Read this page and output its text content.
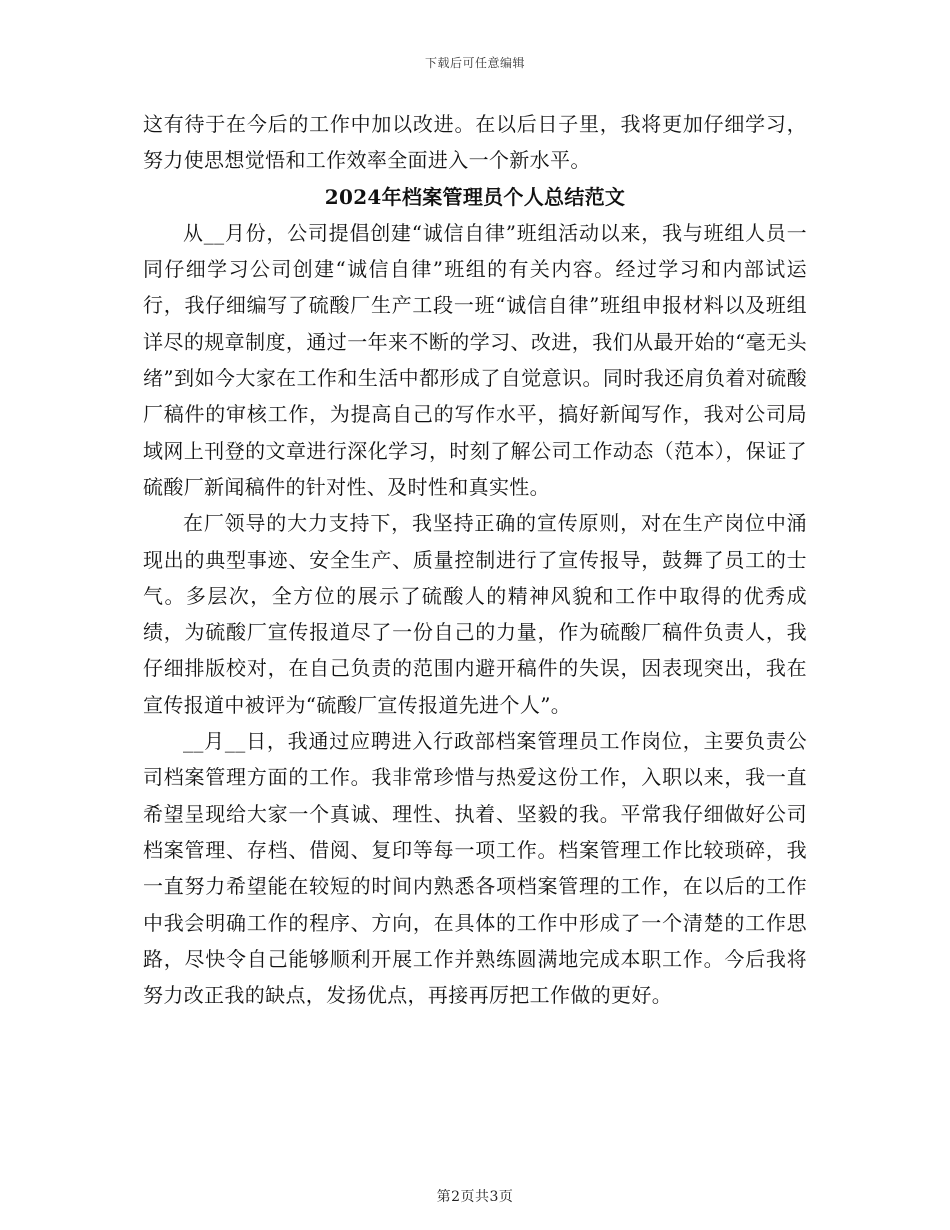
下载后可任意编辑

这有待于在今后的工作中加以改进。在以后日子里，我将更加仔细学习，努力使思想觉悟和工作效率全面进入一个新水平。

2024年档案管理员个人总结范文

从__月份，公司提倡创建“诚信自律”班组活动以来，我与班组人员一同仔细学习公司创建“诚信自律”班组的有关内容。经过学习和内部试运行，我仔细编写了硫酸厂生产工段一班“诚信自律”班组申报材料以及班组详尽的规章制度，通过一年来不断的学习、改进，我们从最开始的“毫无头绪”到如今大家在工作和生活中都形成了自觉意识。同时我还肩负着对硫酸厂稿件的审核工作，为提高自己的写作水平，搞好新闻写作，我对公司局域网上刊登的文章进行深化学习，时刻了解公司工作动态（范本），保证了硫酸厂新闻稿件的针对性、及时性和真实性。

在厂领导的大力支持下，我坚持正确的宣传原则，对在生产岗位中涌现出的典型事迹、安全生产、质量控制进行了宣传报导，鼓舞了员工的士气。多层次，全方位的展示了硫酸人的精神风貌和工作中取得的优秀成绩，为硫酸厂宣传报道尽了一份自己的力量，作为硫酸厂稿件负责人，我仔细排版校对，在自己负责的范围内避开稿件的失误，因表现突出，我在宣传报道中被评为“硫酸厂宣传报道先进个人”。

__月__日，我通过应聘进入行政部档案管理员工作岗位，主要负责公司档案管理方面的工作。我非常珍惜与热爱这份工作，入职以来，我一直希望呈现给大家一个真诚、理性、执着、坚毅的我。平常我仔细做好公司档案管理、存档、借阅、复印等每一项工作。档案管理工作比较琐碎，我一直努力希望能在较短的时间内熟悉各项档案管理的工作，在以后的工作中我会明确工作的程序、方向，在具体的工作中形成了一个清楚的工作思路，尽快令自己能够顺利开展工作并熟练圆满地完成本职工作。今后我将努力改正我的缺点，发扬优点，再接再厉把工作做的更好。

第2页共3页
